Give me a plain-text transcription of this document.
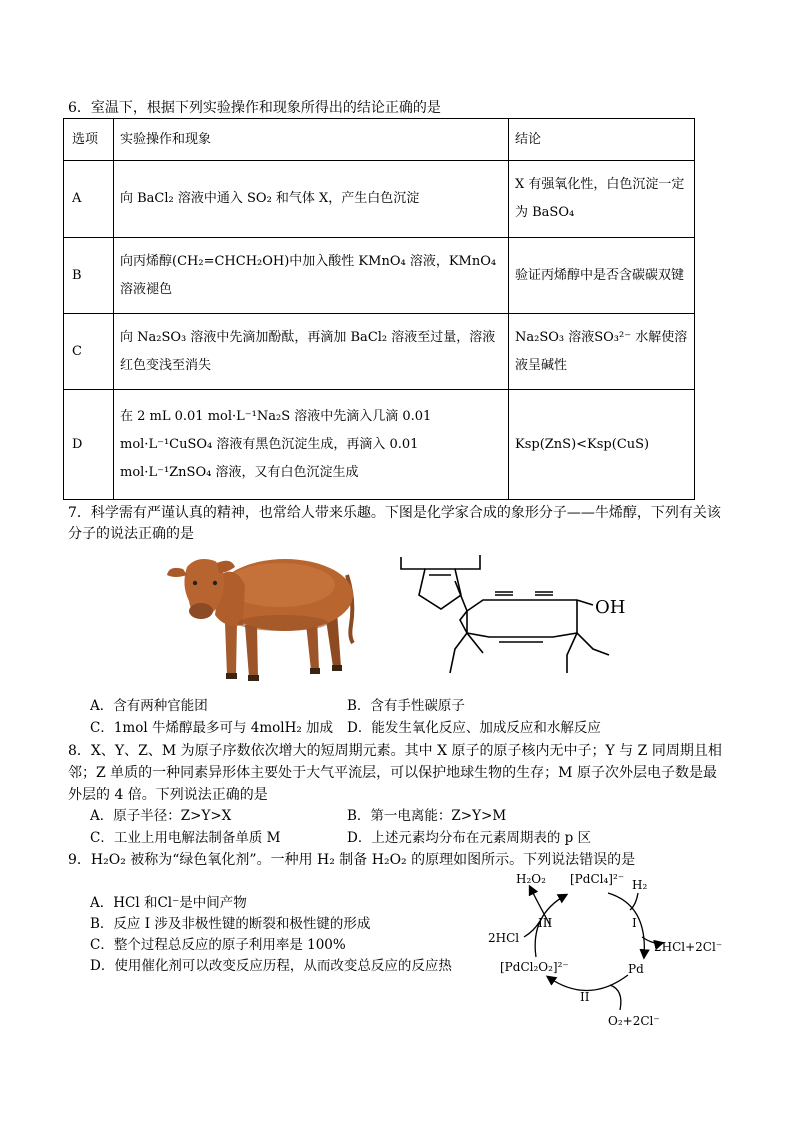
6．室温下，根据下列实验操作和现象所得出的结论正确的是
选项	实验操作和现象	结论
A	向 BaCl₂ 溶液中通入 SO₂ 和气体 X，产生白色沉淀	X 有强氧化性，白色沉淀一定为 BaSO₄
B	向丙烯醇(CH₂=CHCH₂OH)中加入酸性 KMnO₄ 溶液，KMnO₄ 溶液褪色	验证丙烯醇中是否含碳碳双键
C	向 Na₂SO₃ 溶液中先滴加酚酞，再滴加 BaCl₂ 溶液至过量，溶液红色变浅至消失	Na₂SO₃ 溶液SO₃²⁻ 水解使溶液呈碱性
D	在 2 mL 0.01 mol·L⁻¹Na₂S 溶液中先滴入几滴 0.01 mol·L⁻¹CuSO₄ 溶液有黑色沉淀生成，再滴入 0.01 mol·L⁻¹ZnSO₄ 溶液，又有白色沉淀生成	Ksp(ZnS)<Ksp(CuS)
7．科学需有严谨认真的精神，也常给人带来乐趣。下图是化学家合成的象形分子——牛烯醇，下列有关该
分子的说法正确的是
OH
A．含有两种官能团	B．含有手性碳原子
C．1mol 牛烯醇最多可与 4molH₂ 加成 D．能发生氧化反应、加成反应和水解反应
8．X、Y、Z、M 为原子序数依次增大的短周期元素。其中 X 原子的原子核内无中子；Y 与 Z 同周期且相
邻；Z 单质的一种同素异形体主要处于大气平流层，可以保护地球生物的生存；M 原子次外层电子数是最
外层的 4 倍。下列说法正确的是
A．原子半径：Z>Y>X	B．第一电离能：Z>Y>M
C．工业上用电解法制备单质 M	D．上述元素均分布在元素周期表的 p 区
9．H₂O₂ 被称为“绿色氧化剂”。一种用 H₂ 制备 H₂O₂ 的原理如图所示。下列说法错误的是
A．HCl 和Cl⁻是中间产物
B．反应 I 涉及非极性键的断裂和极性键的形成
C．整个过程总反应的原子利用率是 100%
D．使用催化剂可以改变反应历程，从而改变总反应的反应热
H₂O₂ [PdCl₄]²⁻ H₂
I
III
2HCl
2HCl+2Cl⁻
Pd
[PdCl₂O₂]²⁻
II
O₂+2Cl⁻
